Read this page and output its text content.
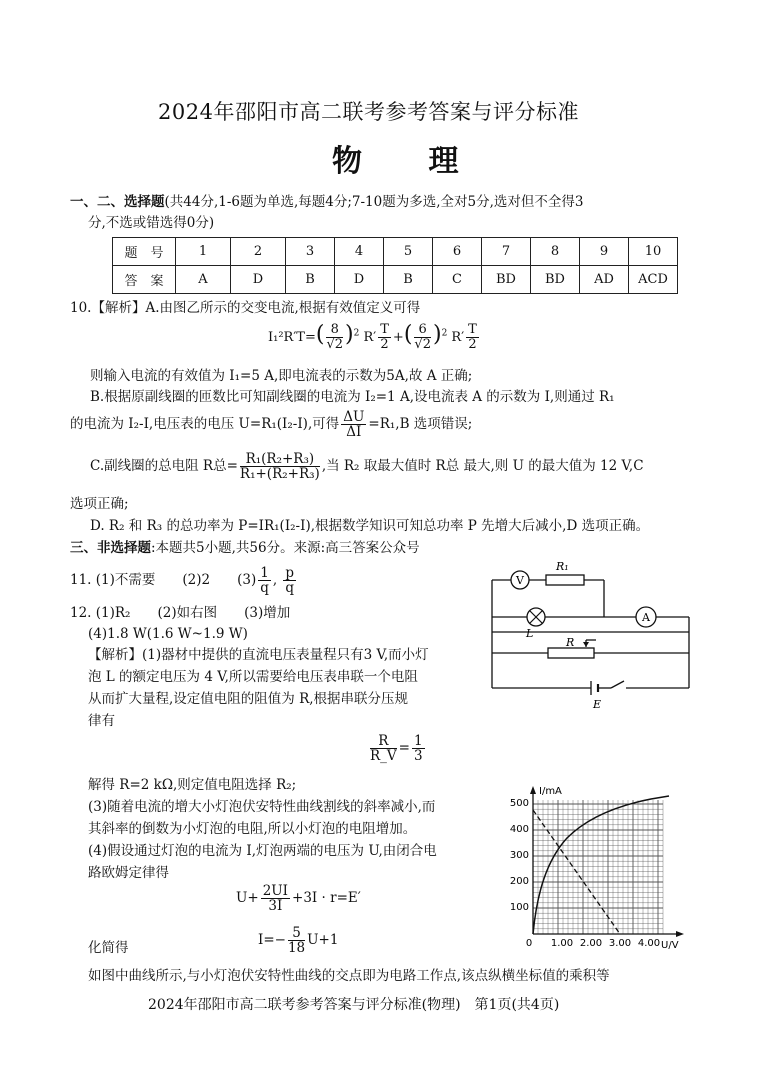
2024年邵阳市高二联考参考答案与评分标准
物 理
一、二、选择题(共44分,1-6题为单选,每题4分;7-10题为多选,全对5分,选对但不全得3
分,不选或错选得0分)
题　号	1	2	3	4	5	6	7	8	9	10
答　案	A	D	B	D	B	C	BD	BD	AD	ACD
10.【解析】A.由图乙所示的交变电流,根据有效值定义可得
$I_1^2R'T=( \frac{8}{√2} )^2$ $R' \frac{T}{2}$ +( $\frac{6}{√2} )^2$ $R' \frac{T}{2}$
则输入电流的有效值为 I₁=5 A,即电流表的示数为5A,故 A 正确;
B.根据原副线圈的匝数比可知副线圈的电流为 I₂=1 A,设电流表 A 的示数为 I,则通过 R₁
的电流为 I₂-I,电压表的电压 U=R₁(I₂-I),可得 $\frac{\Delta U}{\Delta I} =R_1,B$ 选项错误;
C.副线圈的总电阻 R总= $\frac{\text{R₁(R₂+R₃)}}{\text{R₁+(R₂+R₃)}}$ ,当 R₂ 取最大值时 R总 最大,则 U 的最大值为 12 V,C
选项正确;
D. R₂ 和 R₃ 的总功率为 P=IR₁(I₂-I),根据数学知识可知总功率 P 先增大后减小,D 选项正确。
三、非选择题:本题共5小题,共56分。来源:高三答案公众号
11. (1)不需要　　(2)2　　$(3) \frac{1}{q}$ , $\frac{p}{q}$
12. (1)R₂　　(2)如右图　　(3)增加
(4)1.8 W(1.6 W~1.9 W)
【解析】(1)器材中提供的直流电压表量程只有3 V,而小灯
泡 L 的额定电压为 4 V,所以需要给电压表串联一个电阻
从而扩大量程,设定值电阻的阻值为 R,根据串联分压规
律有
$\frac{R}{R\_V} = \frac{1}{3}$
解得 R=2 kΩ,则定值电阻选择 R₂;
(3)随着电流的增大小灯泡伏安特性曲线割线的斜率减小,而
其斜率的倒数为小灯泡的电阻,所以小灯泡的电阻增加。
(4)假设通过灯泡的电流为 I,灯泡两端的电压为 U,由闭合电
路欧姆定律得
$U+ \frac{2UI}{3I} +3I \cdot r=E'$
化简得	$I=- \frac{5}{18} U+1$
如图中曲线所示,与小灯泡伏安特性曲线的交点即为电路工作点,该点纵横坐标值的乘积等
V
A
R₁
L
R
E
I/mA
U/V
500
400
300
200
100
0 1.00 2.00 3.00 4.00
2024年邵阳市高二联考参考答案与评分标准(物理)　第1页(共4页)
